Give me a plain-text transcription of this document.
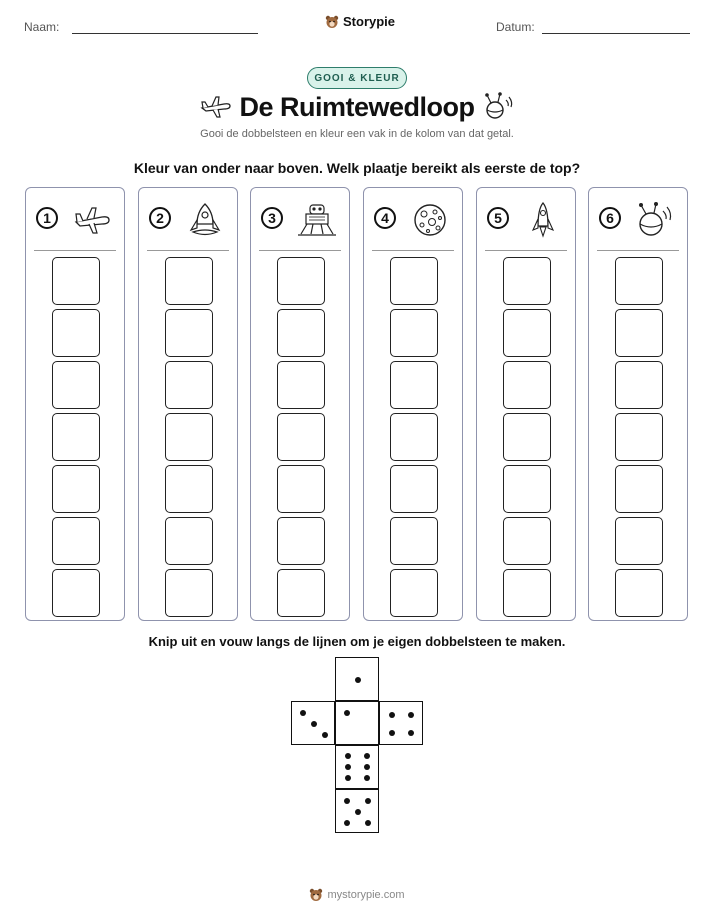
Naam:	Storypie	Datum:
GOOI & KLEUR
De Ruimtewedloop
Gooi de dobbelsteen en kleur een vak in de kolom van dat getal.
Kleur van onder naar boven. Welk plaatje bereikt als eerste de top?
1	2	3	4	5	6
Knip uit en vouw langs de lijnen om je eigen dobbelsteen te maken.
mystorypie.com
